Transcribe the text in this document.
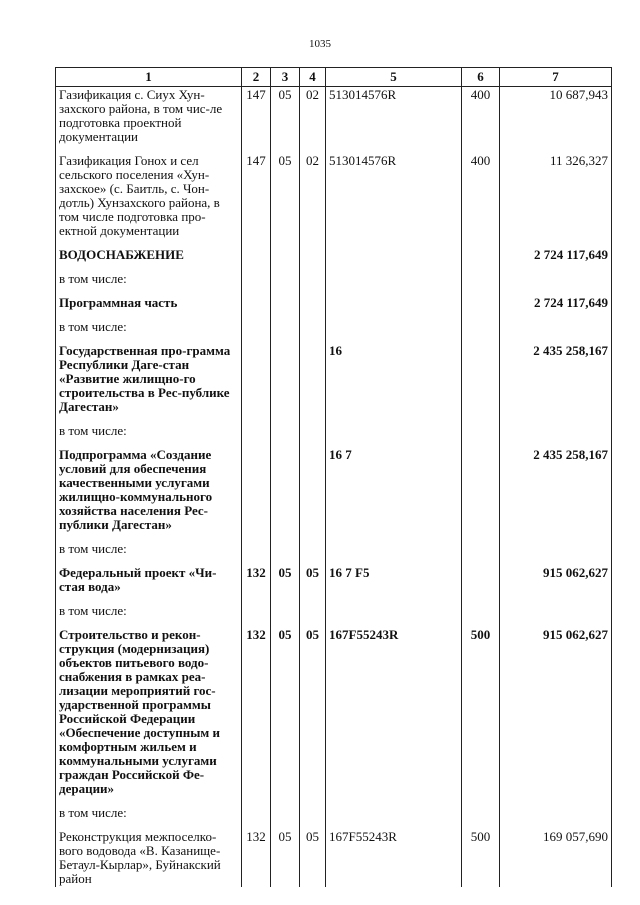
1035
1	2	3	4	5	6	7
Газификация с. Сиух Хун-захского района, в том чис-ле подготовка проектной документации	147	05	02	513014576R	400	10 687,943

Газификация Гонох и сел сельского поселения «Хун-захское» (с. Баитль, с. Чон-дотль) Хунзахского района, в том числе подготовка про-ектной документации	147	05	02	513014576R	400	11 326,327

ВОДОСНАБЖЕНИЕ						2 724 117,649

в том числе:						

Программная часть						2 724 117,649

в том числе:						

Государственная про-грамма Республики Даге-стан «Развитие жилищно-го строительства в Рес-публике Дагестан»				16		2 435 258,167

в том числе:						

Подпрограмма «Создание условий для обеспечения качественными услугами жилищно-коммунального хозяйства населения Рес-публики Дагестан»				16 7		2 435 258,167

в том числе:						

Федеральный проект «Чи-стая вода»	132	05	05	16 7 F5		915 062,627

в том числе:						

Строительство и рекон-струкция (модернизация) объектов питьевого водо-снабжения в рамках реа-лизации мероприятий гос-ударственной программы Российской Федерации «Обеспечение доступным и комфортным жильем и коммунальными услугами граждан Российской Фе-дерации»	132	05	05	167F55243R	500	915 062,627

в том числе:						

Реконструкция межпоселко-вого водовода «В. Казанище-Бетаул-Кырлар», Буйнакский район	132	05	05	167F55243R	500	169 057,690
